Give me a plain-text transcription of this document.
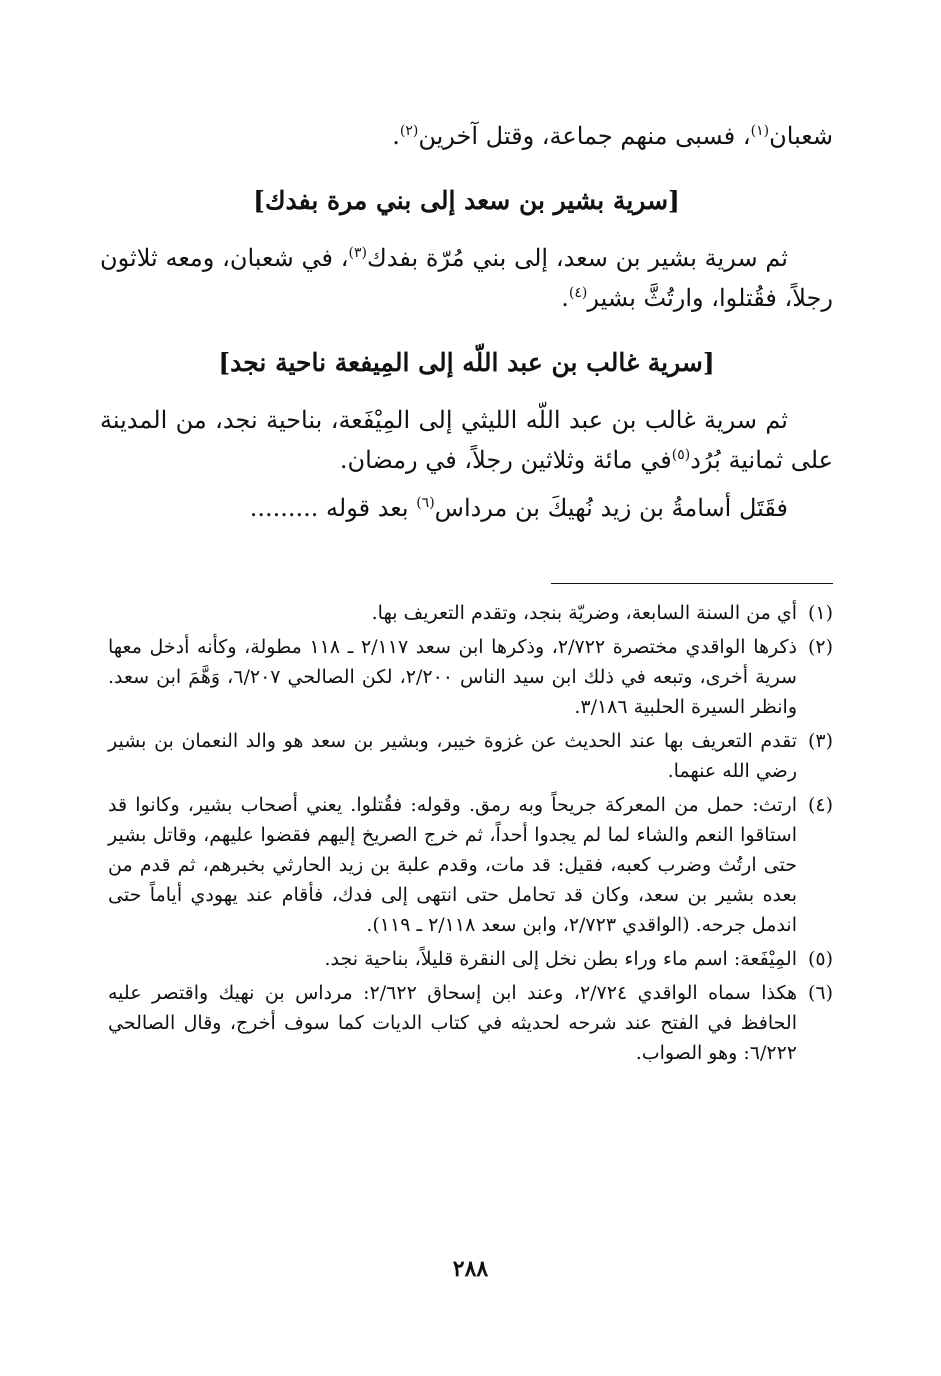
شعبان$^{(١)}$، فسبى منهم جماعة، وقتل آخرين$^{(٢)}$.

[سرية بشير بن سعد إلى بني مرة بفدك]

ثم سرية بشير بن سعد، إلى بني مُرّة بفدك$^{(٣)}$، في شعبان، ومعه ثلاثون رجلاً، فقُتلوا، وارتُثَّ بشير$^{(٤)}$.

[سرية غالب بن عبد اللّه إلى المِيفعة ناحية نجد]

ثم سرية غالب بن عبد اللّه الليثي إلى المِيْفَعة، بناحية نجد، من المدينة على ثمانية بُرُد$^{(٥)}$في مائة وثلاثين رجلاً، في رمضان.

فقَتَل أسامةُ بن زيد نُهيكَ بن مرداس$^{(٦)}$ بعد قوله .........

(١)
أي من السنة السابعة، وضريّة بنجد، وتقدم التعريف بها.
(٢)
ذكرها الواقدي مختصرة ٢/٧٢٢، وذكرها ابن سعد ٢/١١٧ ـ ١١٨ مطولة، وكأنه أدخل معها سرية أخرى، وتبعه في ذلك ابن سيد الناس ٢/٢٠٠، لكن الصالحي ٦/٢٠٧، وَهَّمَ ابن سعد. وانظر السيرة الحلبية ٣/١٨٦.
(٣)
تقدم التعريف بها عند الحديث عن غزوة خيبر، وبشير بن سعد هو والد النعمان بن بشير رضي الله عنهما.
(٤)
ارتث: حمل من المعركة جريحاً وبه رمق. وقوله: فقُتلوا. يعني أصحاب بشير، وكانوا قد استاقوا النعم والشاء لما لم يجدوا أحداً، ثم خرج الصريخ إليهم فقضوا عليهم، وقاتل بشير حتى ارتُث وضرب كعبه، فقيل: قد مات، وقدم علبة بن زيد الحارثي بخبرهم، ثم قدم من بعده بشير بن سعد، وكان قد تحامل حتى انتهى إلى فدك، فأقام عند يهودي أياماً حتى اندمل جرحه. (الواقدي ٢/٧٢٣، وابن سعد ٢/١١٨ ـ ١١٩).
(٥)
المِيْفَعة: اسم ماء وراء بطن نخل إلى النقرة قليلاً، بناحية نجد.
(٦)
هكذا سماه الواقدي ٢/٧٢٤، وعند ابن إسحاق ٢/٦٢٢: مرداس بن نهيك واقتصر عليه الحافظ في الفتح عند شرحه لحديثه في كتاب الديات كما سوف أخرج، وقال الصالحي ٦/٢٢٢: وهو الصواب.
٢٨٨
